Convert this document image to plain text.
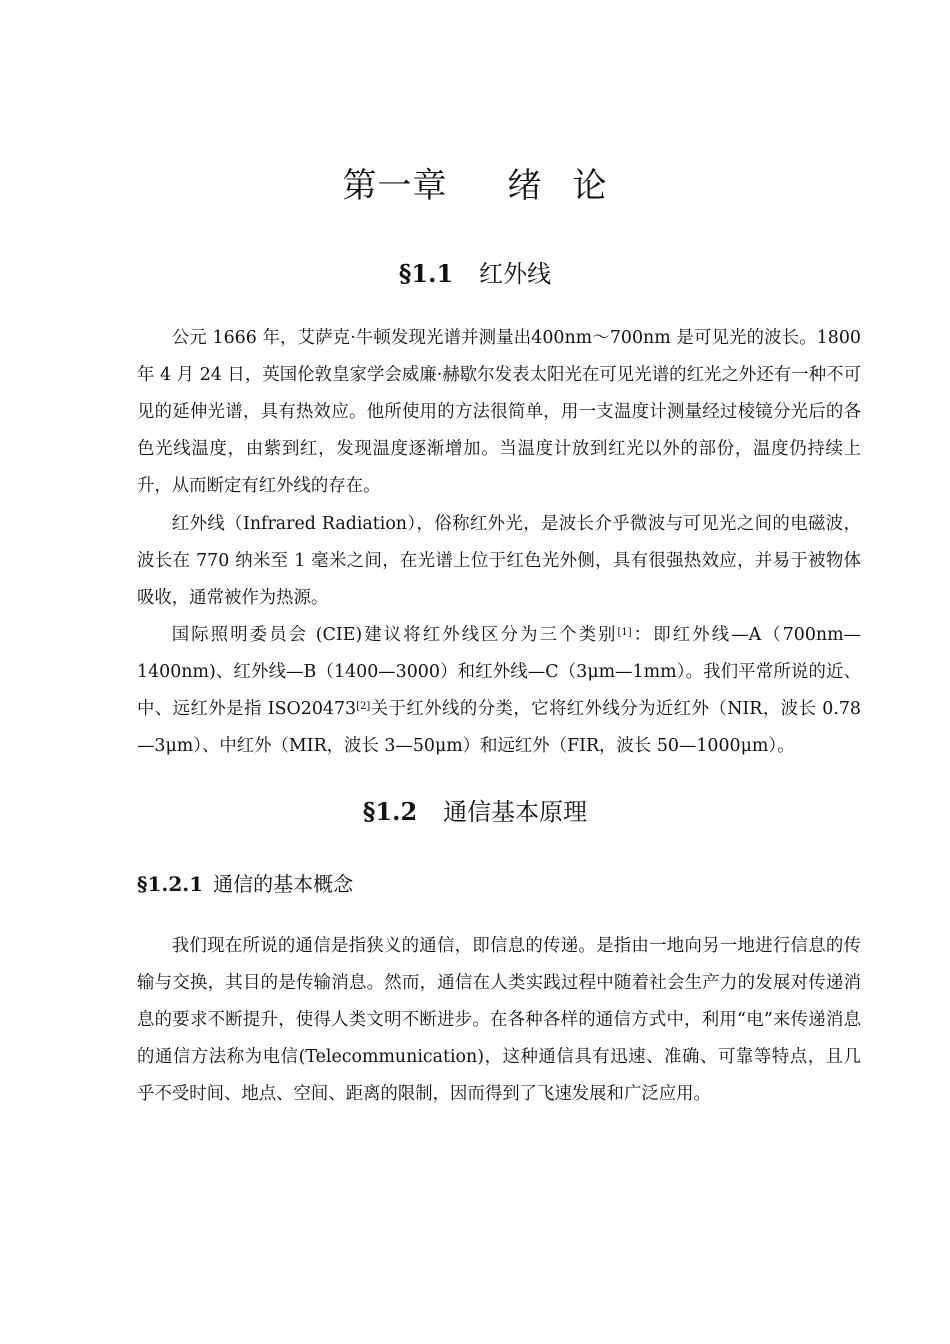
第一章 绪 论
§1.1 红外线

公元 1666 年，艾萨克·牛顿发现光谱并测量出400nm～700nm 是可见光的波长。1800 年 4 月 24 日，英国伦敦皇家学会威廉·赫歇尔发表太阳光在可见光谱的红光之外还有一种不可见的延伸光谱，具有热效应。他所使用的方法很简单，用一支温度计测量经过棱镜分光后的各色光线温度，由紫到红，发现温度逐渐增加。当温度计放到红光以外的部份，温度仍持续上升，从而断定有红外线的存在。

红外线（Infrared Radiation），俗称红外光，是波长介乎微波与可见光之间的电磁波，波长在 770 纳米至 1 毫米之间，在光谱上位于红色光外侧，具有很强热效应，并易于被物体吸收，通常被作为热源。

国际照明委员会 (CIE)建议将红外线区分为三个类别[1]：即红外线—A（700nm—1400nm)、红外线—B（1400—3000）和红外线—C（3μm—1mm）。我们平常所说的近、中、远红外是指 ISO20473[2]关于红外线的分类，它将红外线分为近红外（NIR，波长 0.78—3μm）、中红外（MIR，波长 3—50μm）和远红外（FIR，波长 50—1000μm）。

§1.2 通信基本原理
§1.2.1 通信的基本概念

我们现在所说的通信是指狭义的通信，即信息的传递。是指由一地向另一地进行信息的传输与交换，其目的是传输消息。然而，通信在人类实践过程中随着社会生产力的发展对传递消息的要求不断提升，使得人类文明不断进步。在各种各样的通信方式中，利用“电”来传递消息的通信方法称为电信(Telecommunication)，这种通信具有迅速、准确、可靠等特点，且几乎不受时间、地点、空间、距离的限制，因而得到了飞速发展和广泛应用。
